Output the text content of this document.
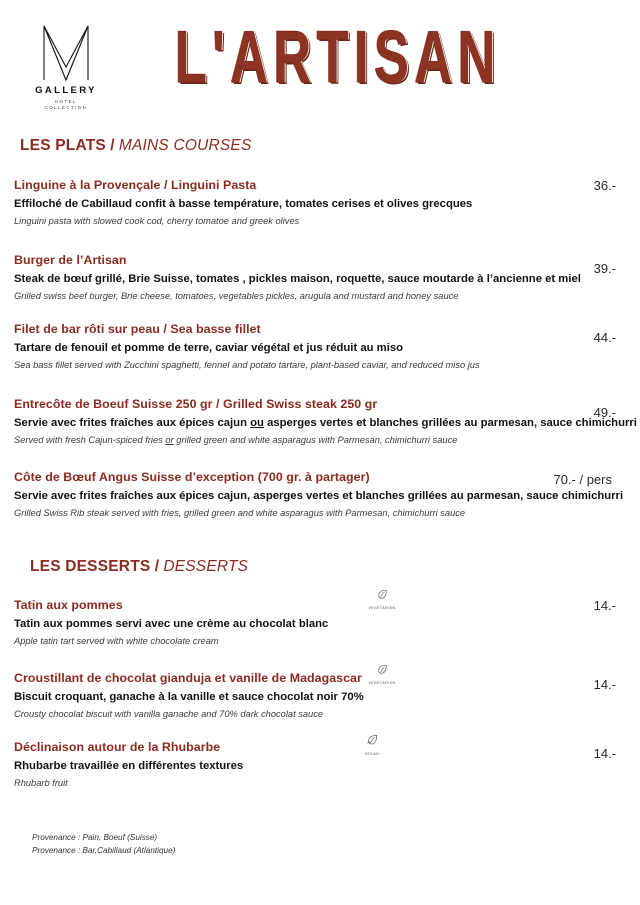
GALLERY
HOTEL
COLLECTION
L'ARTISAN
LES PLATS / MAINS COURSES
Linguine à la Provençale / Linguini Pasta
Effiloché de Cabillaud confit à basse température, tomates cerises et olives grecques
Linguini pasta with slowed cook cod, cherry tomatoe and greek olives
36.-
Burger de l’Artisan
Steak de bœuf grillé, Brie Suisse, tomates , pickles maison, roquette, sauce moutarde à l’ancienne et miel
Grilled swiss beef burger, Brie cheese, tomatoes, vegetables pickles, arugula and mustard and honey sauce
39.-
Filet de bar rôti sur peau / Sea basse fillet
Tartare de fenouil et pomme de terre, caviar végétal et jus réduit au miso
Sea bass fillet served with Zucchini spaghetti, fennel and potato tartare, plant-based caviar, and reduced miso jus
44.-
Entrecôte de Boeuf Suisse 250 gr / Grilled Swiss steak 250 gr
Servie avec frites fraîches aux épices cajun ou asperges vertes et blanches grillées au parmesan, sauce chimichurri
Served with fresh Cajun-spiced fries or grilled green and white asparagus with Parmesan, chimichurri sauce
49.-
Côte de Bœuf Angus Suisse d’exception (700 gr. à partager)
Servie avec frites fraîches aux épices cajun, asperges vertes et blanches grillées au parmesan, sauce chimichurri
Grilled Swiss Rib steak served with fries, grilled green and white asparagus with Parmesan, chimichurri sauce
70.- / pers
LES DESSERTS / DESSERTS
Tatin aux pommes
Tatin aux pommes servi avec une crème au chocolat blanc
Apple tatin tart served with white chocolate cream
VEGETARIEN	14.-
Croustillant de chocolat gianduja et vanille de Madagascar
Biscuit croquant, ganache à la vanille et sauce chocolat noir 70%
Crousty chocolat biscuit with vanilla ganache and 70% dark chocolat sauce
VEGETARIEN	14.-
Déclinaison autour de la Rhubarbe
Rhubarbe travaillée en différentes textures
Rhubarb fruit
VEGAN	14.-
Provenance : Pain, Boeuf (Suisse)
Provenance : Bar,Cabillaud (Atlantique)
